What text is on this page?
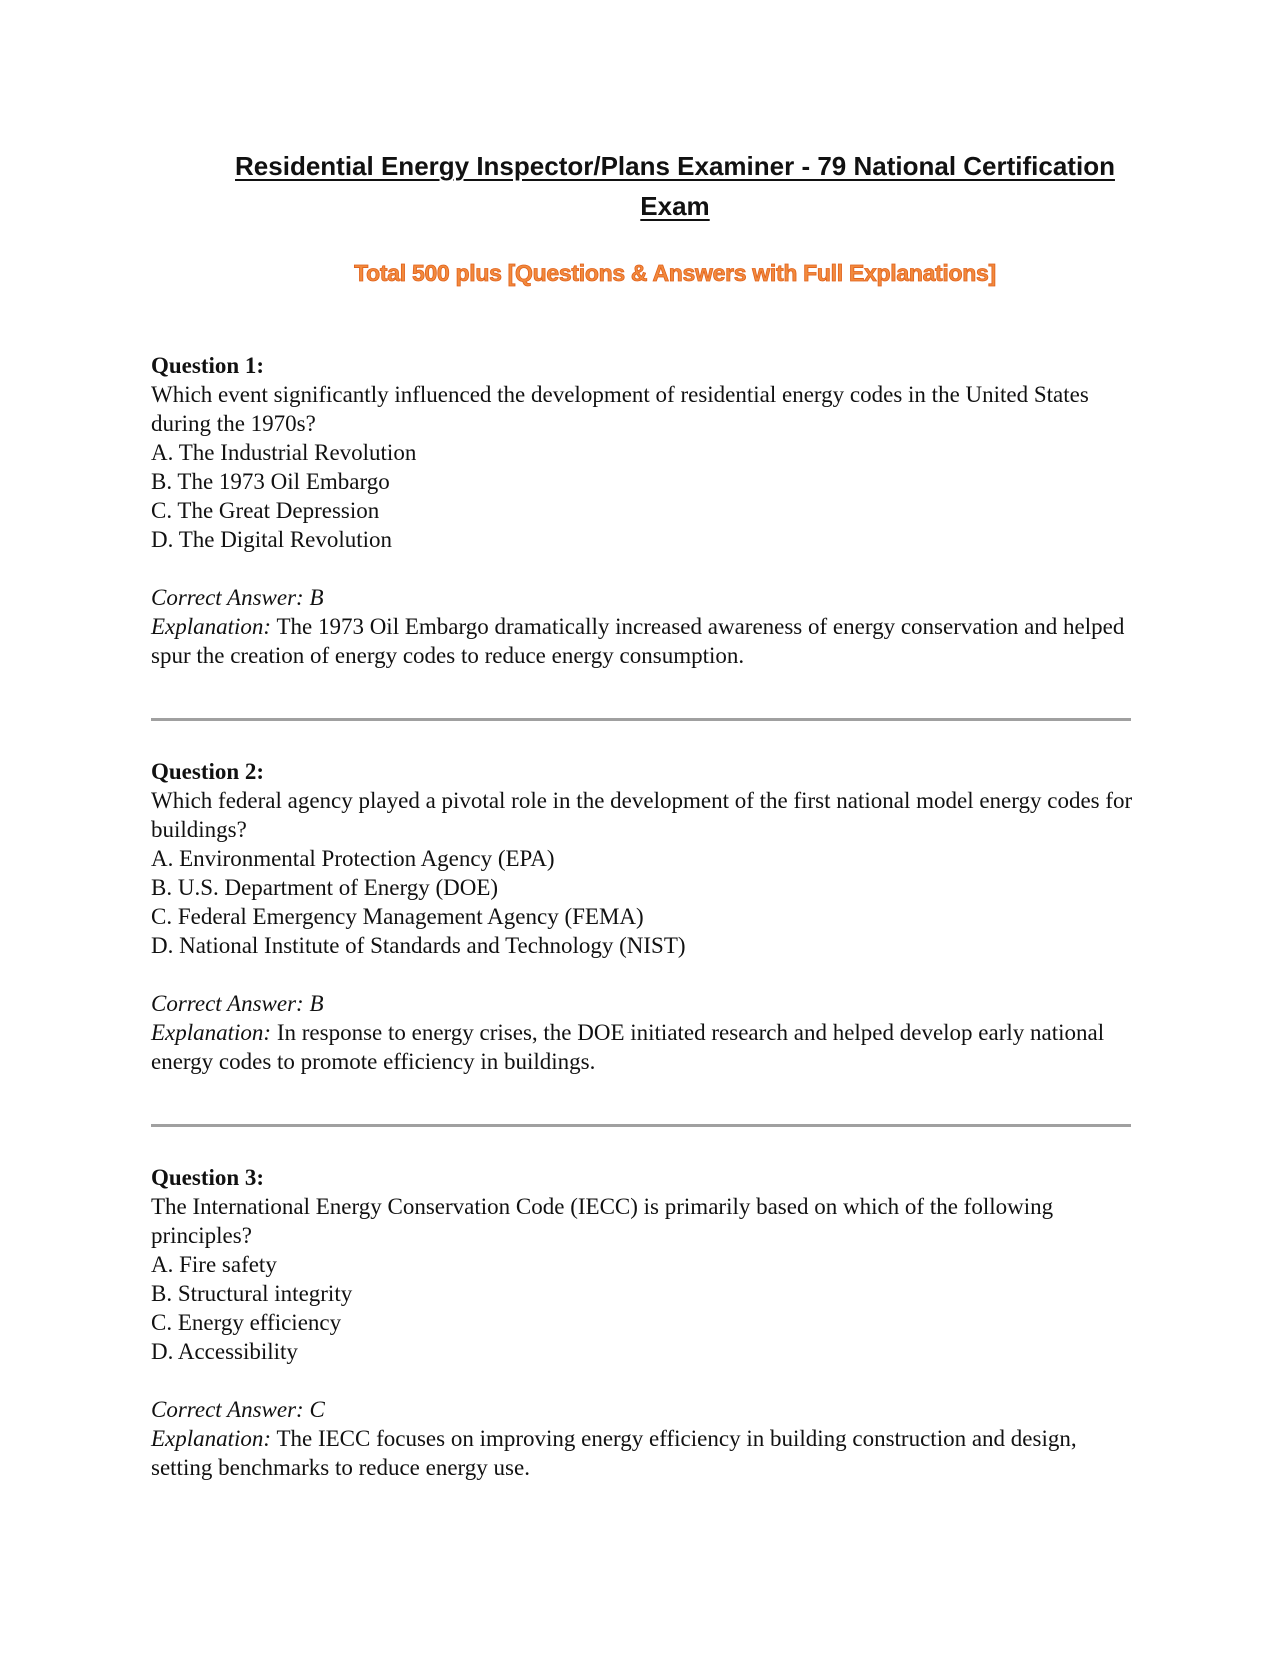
Residential Energy Inspector/Plans Examiner - 79 National Certification Exam
Total 500 plus [Questions & Answers with Full Explanations]
Question 1:
Which event significantly influenced the development of residential energy codes in the United States during the 1970s?
A. The Industrial Revolution
B. The 1973 Oil Embargo
C. The Great Depression
D. The Digital Revolution
Correct Answer: B
Explanation: The 1973 Oil Embargo dramatically increased awareness of energy conservation and helped spur the creation of energy codes to reduce energy consumption.
Question 2:
Which federal agency played a pivotal role in the development of the first national model energy codes for buildings?
A. Environmental Protection Agency (EPA)
B. U.S. Department of Energy (DOE)
C. Federal Emergency Management Agency (FEMA)
D. National Institute of Standards and Technology (NIST)
Correct Answer: B
Explanation: In response to energy crises, the DOE initiated research and helped develop early national energy codes to promote efficiency in buildings.
Question 3:
The International Energy Conservation Code (IECC) is primarily based on which of the following principles?
A. Fire safety
B. Structural integrity
C. Energy efficiency
D. Accessibility
Correct Answer: C
Explanation: The IECC focuses on improving energy efficiency in building construction and design, setting benchmarks to reduce energy use.
